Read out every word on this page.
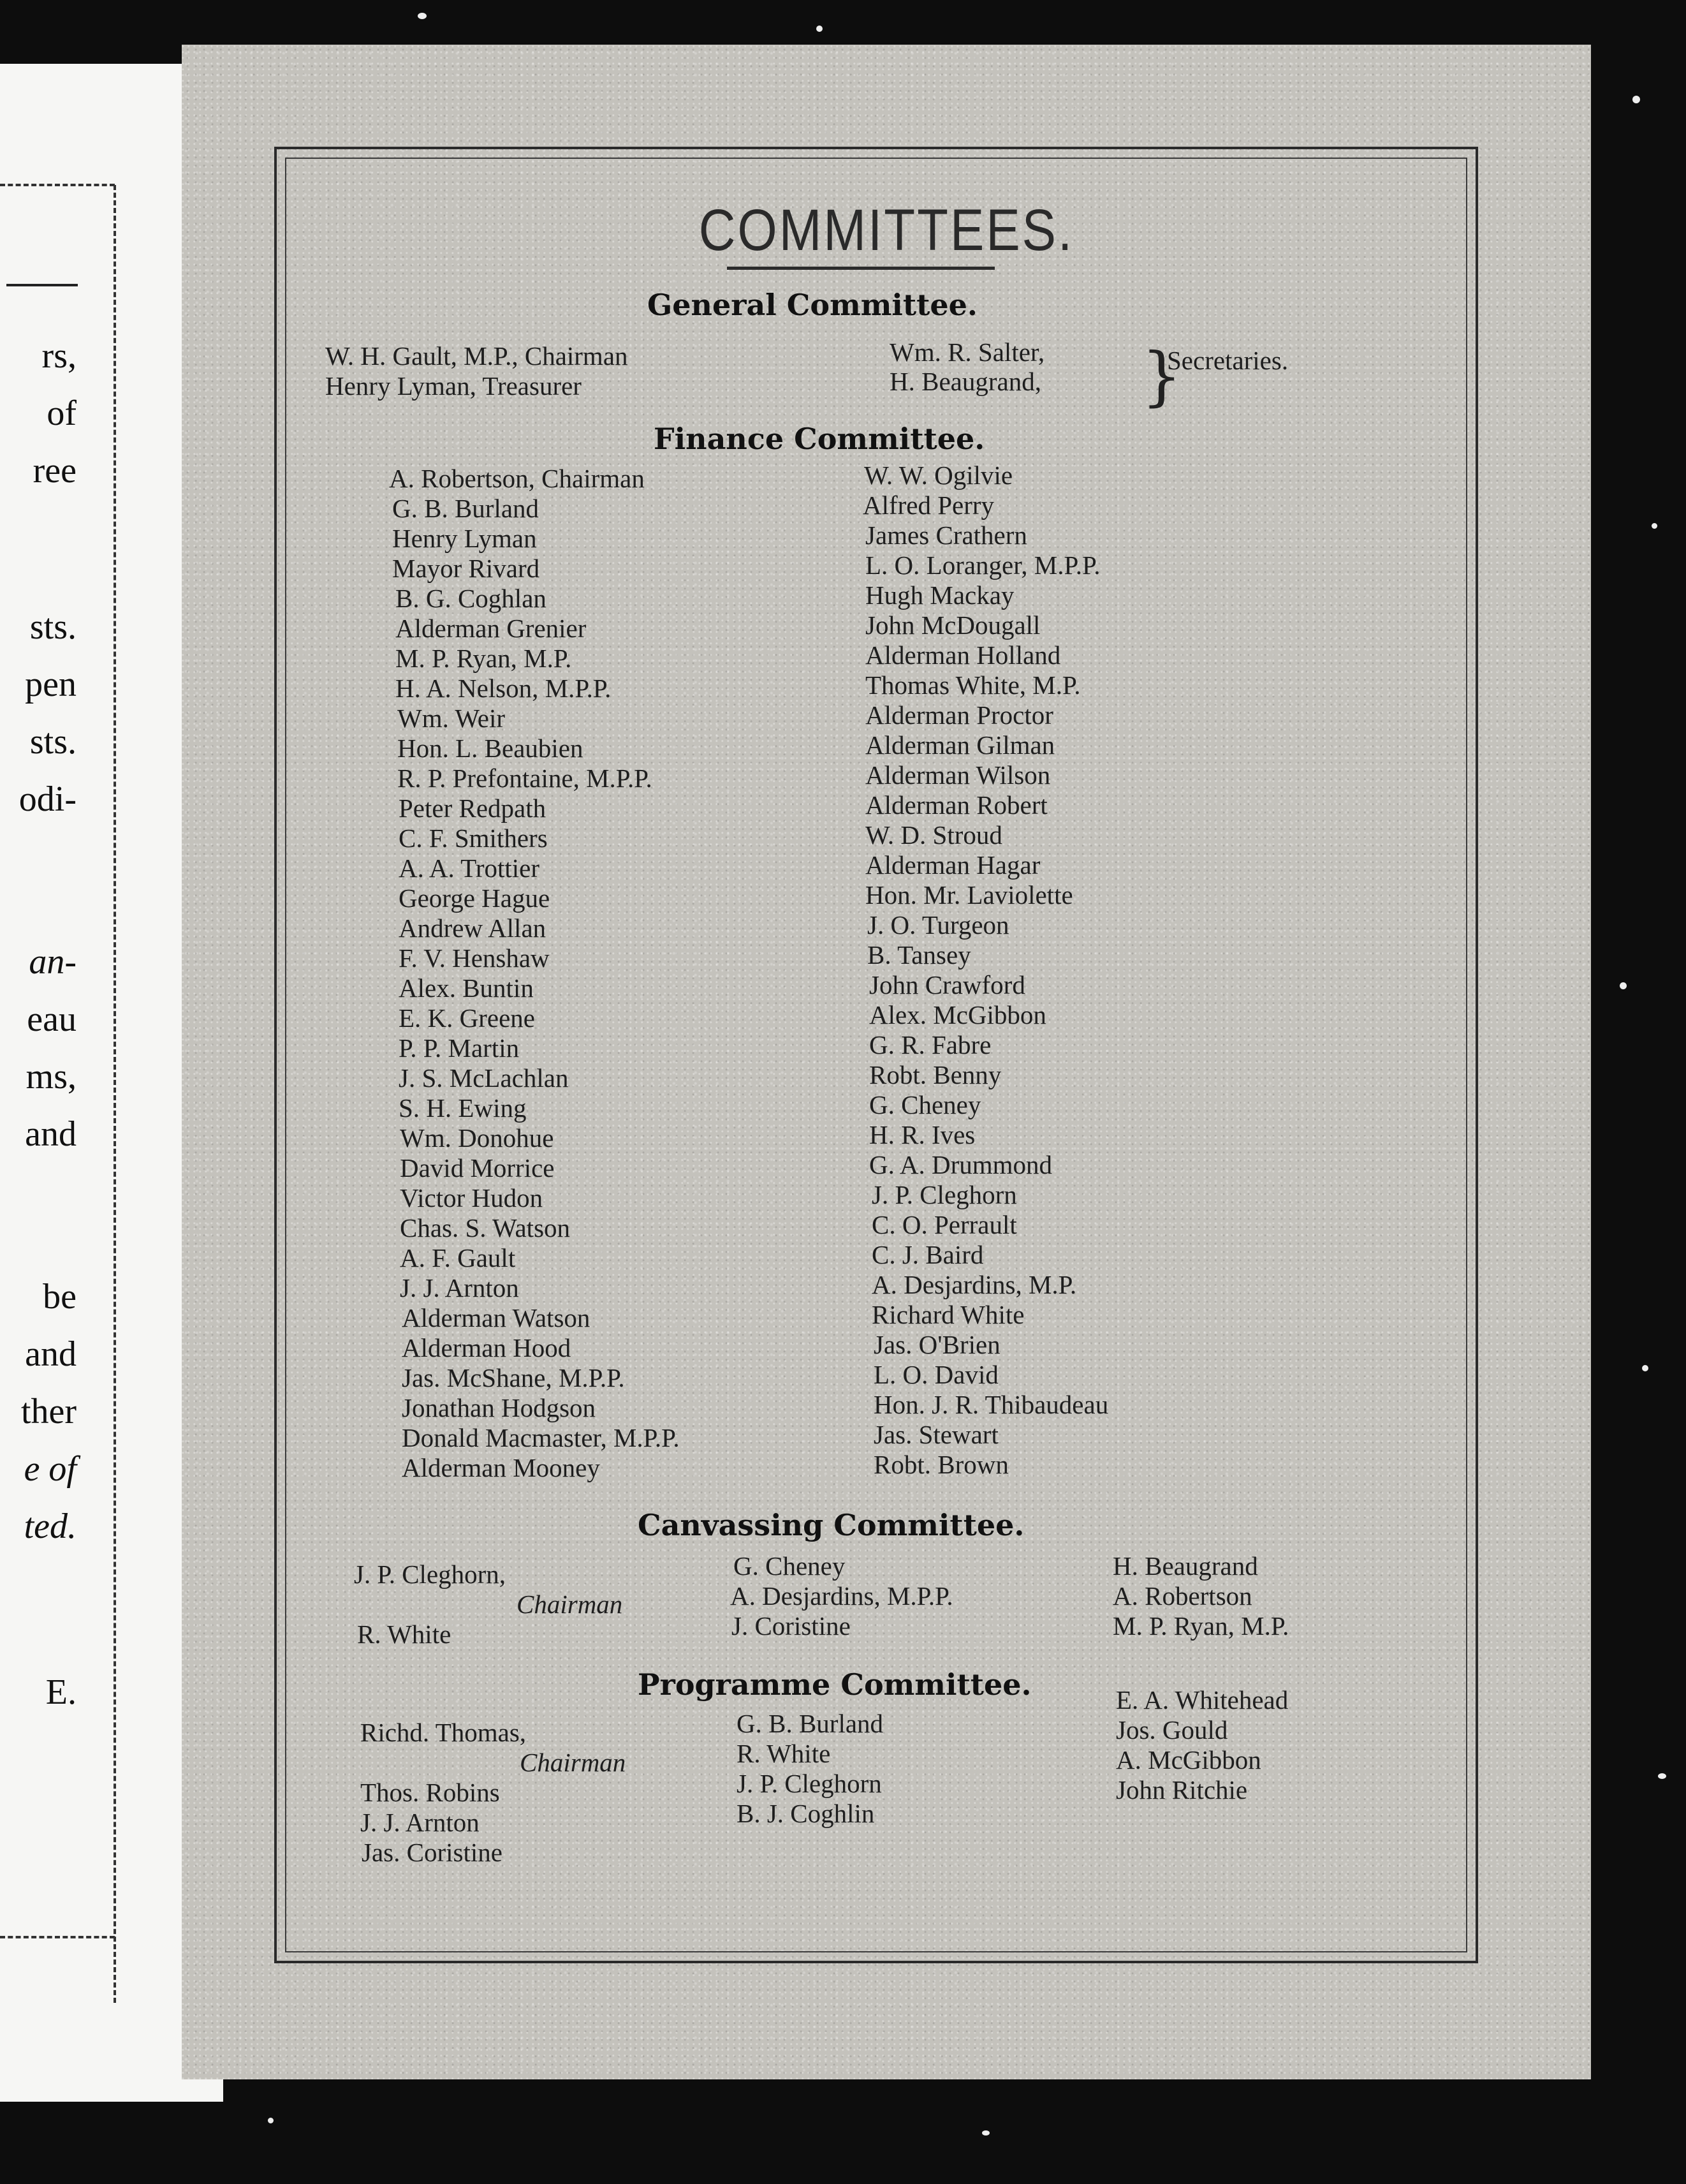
rs,
of
ree
sts.
pen
sts.
odi-
an-
eau
ms,
and
be
and
ther
e of
ted.
E.
COMMITTEES.
General Committee.
W. H. Gault, M.P., Chairman
Henry Lyman, Treasurer
Wm. R. Salter,
H. Beaugrand, }
Secretaries.
Finance Committee.
A. Robertson, Chairman
G. B. Burland
Henry Lyman
Mayor Rivard
B. G. Coghlan
Alderman Grenier
M. P. Ryan, M.P.
H. A. Nelson, M.P.P.
Wm. Weir
Hon. L. Beaubien
R. P. Prefontaine, M.P.P.
Peter Redpath
C. F. Smithers
A. A. Trottier
George Hague
Andrew Allan
F. V. Henshaw
Alex. Buntin
E. K. Greene
P. P. Martin
J. S. McLachlan
S. H. Ewing
Wm. Donohue
David Morrice
Victor Hudon
Chas. S. Watson
A. F. Gault
J. J. Arnton
Alderman Watson
Alderman Hood
Jas. McShane, M.P.P.
Jonathan Hodgson
Donald Macmaster, M.P.P.
Alderman Mooney
W. W. Ogilvie
Alfred Perry
James Crathern
L. O. Loranger, M.P.P.
Hugh Mackay
John McDougall
Alderman Holland
Thomas White, M.P.
Alderman Proctor
Alderman Gilman
Alderman Wilson
Alderman Robert
W. D. Stroud
Alderman Hagar
Hon. Mr. Laviolette
J. O. Turgeon
B. Tansey
John Crawford
Alex. McGibbon
G. R. Fabre
Robt. Benny
G. Cheney
H. R. Ives
G. A. Drummond
J. P. Cleghorn
C. O. Perrault
C. J. Baird
A. Desjardins, M.P.
Richard White
Jas. O'Brien
L. O. David
Hon. J. R. Thibaudeau
Jas. Stewart
Robt. Brown
Canvassing Committee.
J. P. Cleghorn,
Chairman
R. White
G. Cheney
A. Desjardins, M.P.P.
J. Coristine
H. Beaugrand
A. Robertson
M. P. Ryan, M.P.
Programme Committee.
Richd. Thomas,
Chairman
Thos. Robins
J. J. Arnton
Jas. Coristine
G. B. Burland
R. White
J. P. Cleghorn
B. J. Coghlin
E. A. Whitehead
Jos. Gould
A. McGibbon
John Ritchie
